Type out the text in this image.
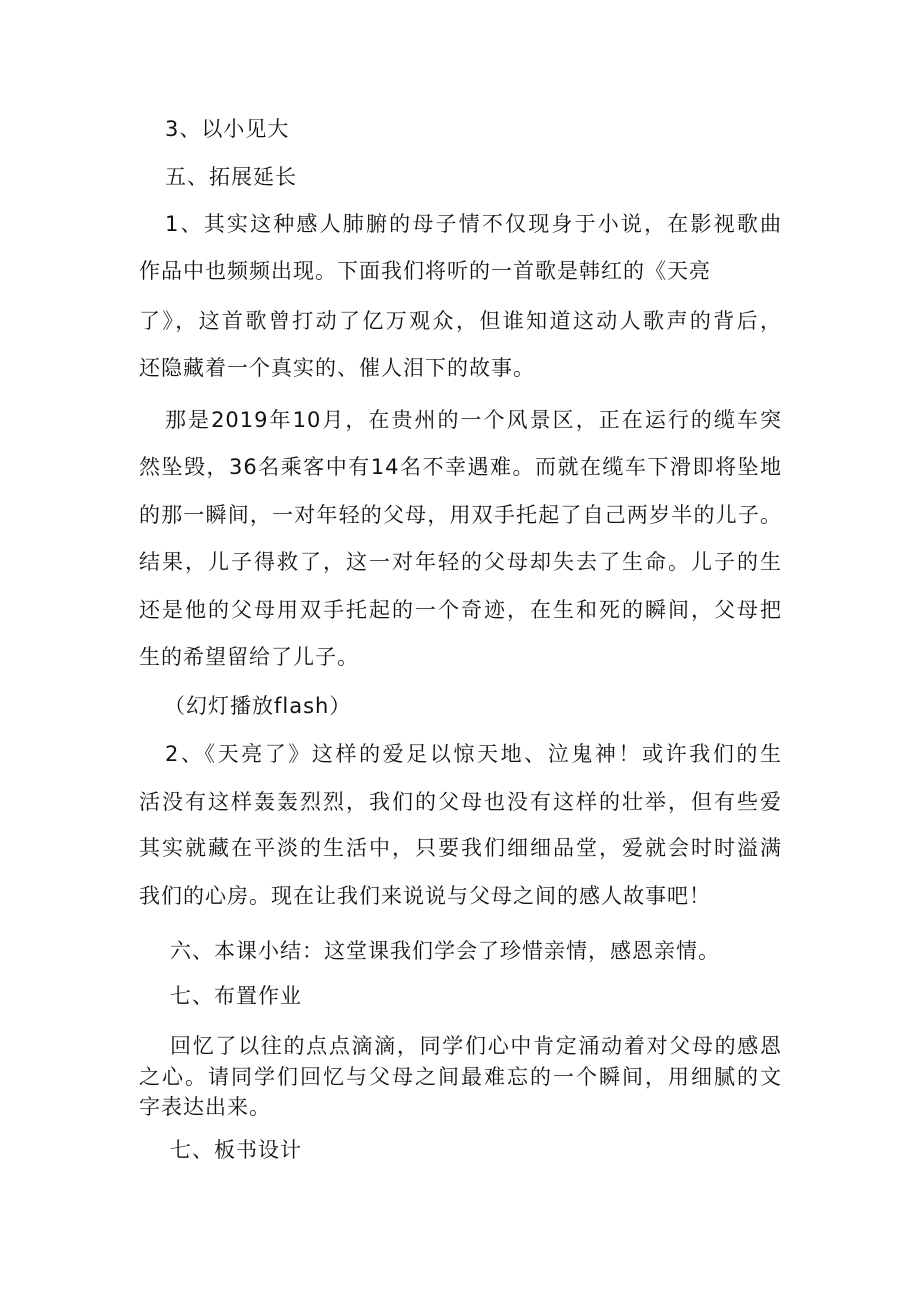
3、以小见大
五、拓展延长
1、其实这种感人肺腑的母子情不仅现身于小说，在影视歌曲
作品中也频频出现。下面我们将听的一首歌是韩红的《天亮
了》，这首歌曾打动了亿万观众，但谁知道这动人歌声的背后，
还隐藏着一个真实的、催人泪下的故事。
那是2019年10月，在贵州的一个风景区，正在运行的缆车突
然坠毁，36名乘客中有14名不幸遇难。而就在缆车下滑即将坠地
的那一瞬间，一对年轻的父母，用双手托起了自己两岁半的儿子。
结果，儿子得救了，这一对年轻的父母却失去了生命。儿子的生
还是他的父母用双手托起的一个奇迹，在生和死的瞬间，父母把
生的希望留给了儿子。
（幻灯播放flash）
2、《天亮了》这样的爱足以惊天地、泣鬼神！或许我们的生
活没有这样轰轰烈烈，我们的父母也没有这样的壮举，但有些爱
其实就藏在平淡的生活中，只要我们细细品堂，爱就会时时溢满
我们的心房。现在让我们来说说与父母之间的感人故事吧！
六、本课小结：这堂课我们学会了珍惜亲情，感恩亲情。
七、布置作业
回忆了以往的点点滴滴，同学们心中肯定涌动着对父母的感恩
之心。请同学们回忆与父母之间最难忘的一个瞬间，用细腻的文
字表达出来。
七、板书设计
